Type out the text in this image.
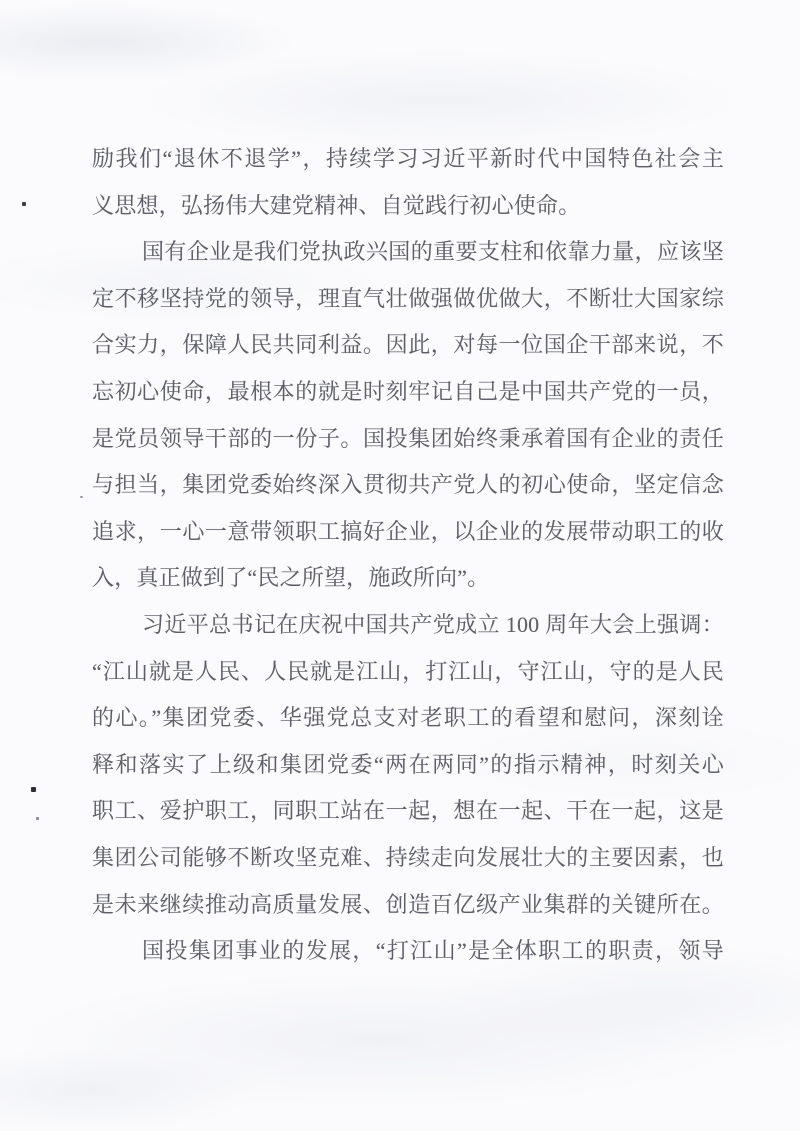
励我们“退休不退学”，持续学习习近平新时代中国特色社会主
义思想，弘扬伟大建党精神、自觉践行初心使命。
国有企业是我们党执政兴国的重要支柱和依靠力量，应该坚
定不移坚持党的领导，理直气壮做强做优做大，不断壮大国家综
合实力，保障人民共同利益。因此，对每一位国企干部来说，不
忘初心使命，最根本的就是时刻牢记自己是中国共产党的一员，
是党员领导干部的一份子。国投集团始终秉承着国有企业的责任
与担当，集团党委始终深入贯彻共产党人的初心使命，坚定信念
追求，一心一意带领职工搞好企业，以企业的发展带动职工的收
入，真正做到了“民之所望，施政所向”。
习近平总书记在庆祝中国共产党成立 100 周年大会上强调：
“江山就是人民、人民就是江山，打江山，守江山，守的是人民
的心。”集团党委、华强党总支对老职工的看望和慰问，深刻诠
释和落实了上级和集团党委“两在两同”的指示精神，时刻关心
职工、爱护职工，同职工站在一起，想在一起、干在一起，这是
集团公司能够不断攻坚克难、持续走向发展壮大的主要因素，也
是未来继续推动高质量发展、创造百亿级产业集群的关键所在。
国投集团事业的发展，“打江山”是全体职工的职责，领导
